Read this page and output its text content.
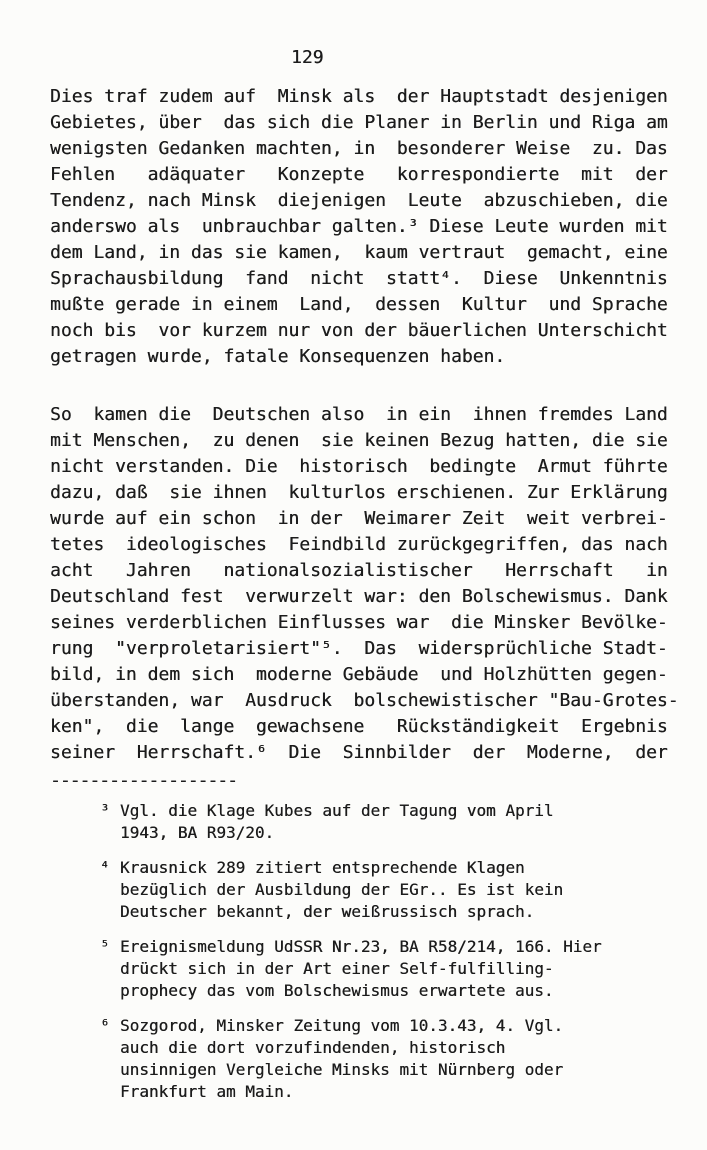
129
Dies traf zudem auf  Minsk als  der Hauptstadt desjenigen
Gebietes, über  das sich die Planer in Berlin und Riga am
wenigsten Gedanken machten, in  besonderer Weise  zu. Das
Fehlen   adäquater   Konzepte   korrespondierte  mit  der
Tendenz, nach Minsk  diejenigen  Leute  abzuschieben, die
anderswo als  unbrauchbar galten.³ Diese Leute wurden mit
dem Land, in das sie kamen,  kaum vertraut  gemacht, eine
Sprachausbildung  fand  nicht  statt⁴.  Diese  Unkenntnis
mußte gerade in einem  Land,  dessen  Kultur  und Sprache
noch bis  vor kurzem nur von der bäuerlichen Unterschicht
getragen wurde, fatale Konsequenzen haben.
So  kamen die  Deutschen also  in ein  ihnen fremdes Land
mit Menschen,  zu denen  sie keinen Bezug hatten, die sie
nicht verstanden. Die  historisch  bedingte  Armut führte
dazu, daß  sie ihnen  kulturlos erschienen. Zur Erklärung
wurde auf ein schon  in der  Weimarer Zeit  weit verbrei-
tetes  ideologisches  Feindbild zurückgegriffen, das nach
acht   Jahren   nationalsozialistischer   Herrschaft   in
Deutschland fest  verwurzelt war: den Bolschewismus. Dank
seines verderblichen Einflusses war  die Minsker Bevölke-
rung  "verproletarisiert"⁵.  Das  widersprüchliche Stadt-
bild, in dem sich  moderne Gebäude  und Holzhütten gegen-
überstanden, war  Ausdruck  bolschewistischer "Bau-Grotes-
ken",  die  lange  gewachsene   Rückständigkeit  Ergebnis
seiner  Herrschaft.⁶  Die  Sinnbilder  der  Moderne,  der
-------------------
³ Vgl. die Klage Kubes auf der Tagung vom April
1943, BA R93/20.
⁴ Krausnick 289 zitiert entsprechende Klagen
bezüglich der Ausbildung der EGr.. Es ist kein
Deutscher bekannt, der weißrussisch sprach.
⁵ Ereignismeldung UdSSR Nr.23, BA R58/214, 166. Hier
drückt sich in der Art einer Self-fulfilling-
prophecy das vom Bolschewismus erwartete aus.
⁶ Sozgorod, Minsker Zeitung vom 10.3.43, 4. Vgl.
auch die dort vorzufindenden, historisch
unsinnigen Vergleiche Minsks mit Nürnberg oder
Frankfurt am Main.
